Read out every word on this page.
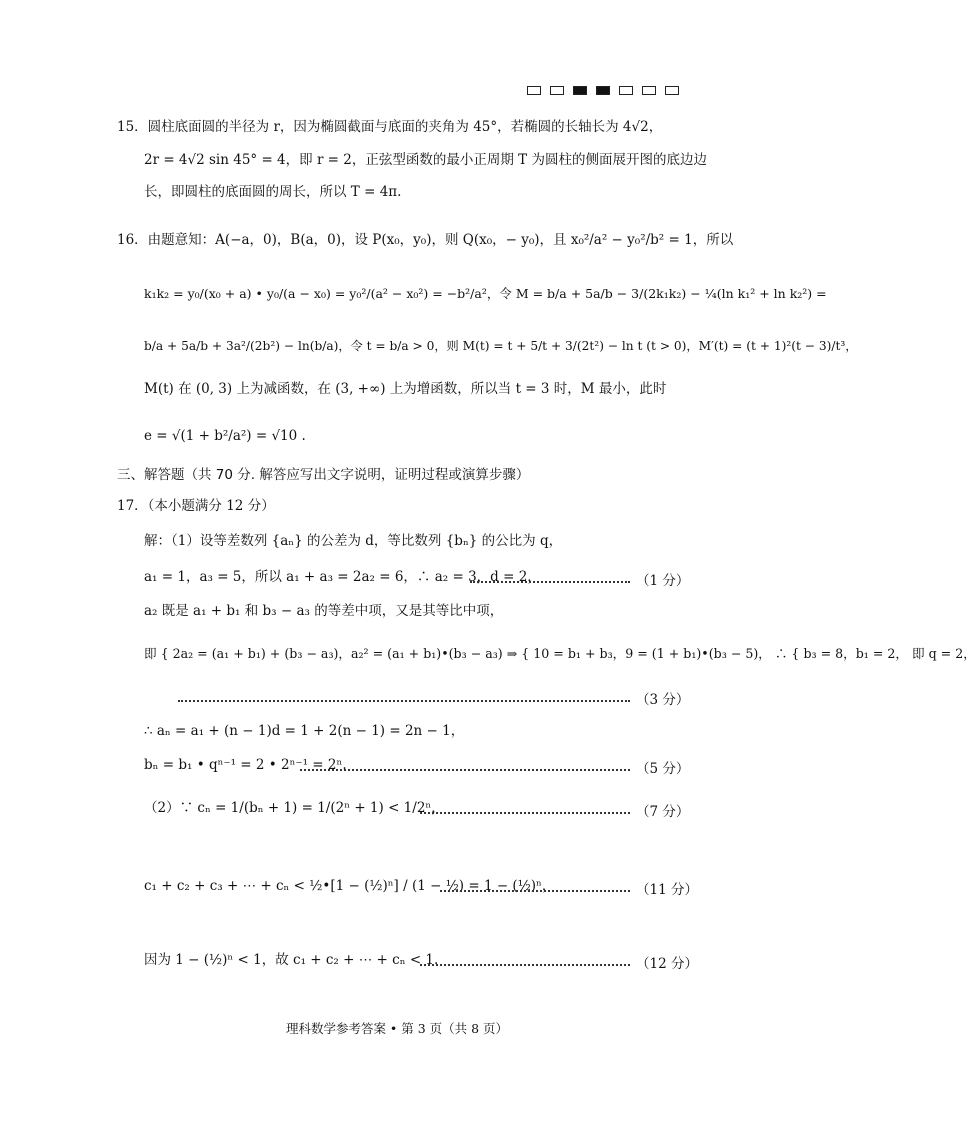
15．圆柱底面圆的半径为 r，因为椭圆截面与底面的夹角为 45°，若椭圆的长轴长为 4√2，
2r = 4√2 sin 45° = 4，即 r = 2，正弦型函数的最小正周期 T 为圆柱的侧面展开图的底边边
长，即圆柱的底面圆的周长，所以 T = 4π.
16．由题意知：A(−a，0)，B(a，0)，设 P(x₀，y₀)，则 Q(x₀，− y₀)，且 x₀²/a² − y₀²/b² = 1，所以
k₁k₂ = y₀/(x₀ + a) • y₀/(a − x₀) = y₀²/(a² − x₀²) = −b²/a²，令 M = b/a + 5a/b − 3/(2k₁k₂) − ¼(ln k₁² + ln k₂²) =
b/a + 5a/b + 3a²/(2b²) − ln(b/a)，令 t = b/a > 0，则 M(t) = t + 5/t + 3/(2t²) − ln t (t > 0)，M′(t) = (t + 1)²(t − 3)/t³，
M(t) 在 (0, 3) 上为减函数，在 (3, +∞) 上为增函数，所以当 t = 3 时，M 最小，此时
e = √(1 + b²/a²) = √10 .
三、解答题（共 70 分. 解答应写出文字说明，证明过程或演算步骤）
17．（本小题满分 12 分）
解：（1）设等差数列 {aₙ} 的公差为 d，等比数列 {bₙ} 的公比为 q，
a₁ = 1，a₃ = 5，所以 a₁ + a₃ = 2a₂ = 6，∴ a₂ = 3，d = 2，	（1 分）
a₂ 既是 a₁ + b₁ 和 b₃ − a₃ 的等差中项，又是其等比中项，
即 { 2a₂ = (a₁ + b₁) + (b₃ − a₃)，a₂² = (a₁ + b₁)•(b₃ − a₃) ⇒ { 10 = b₁ + b₃，9 = (1 + b₁)•(b₃ − 5)， ∴ { b₃ = 8，b₁ = 2， 即 q = 2，
（3 分）
∴ aₙ = a₁ + (n − 1)d = 1 + 2(n − 1) = 2n − 1，
bₙ = b₁ • qⁿ⁻¹ = 2 • 2ⁿ⁻¹ = 2ⁿ.	（5 分）
（2）∵ cₙ = 1/(bₙ + 1) = 1/(2ⁿ + 1) < 1/2ⁿ，	（7 分）
c₁ + c₂ + c₃ + ⋯ + cₙ < ½•[1 − (½)ⁿ] / (1 − ½) = 1 − (½)ⁿ，	（11 分）
因为 1 − (½)ⁿ < 1，故 c₁ + c₂ + ⋯ + cₙ < 1.	（12 分）
理科数学参考答案 • 第 3 页（共 8 页）
